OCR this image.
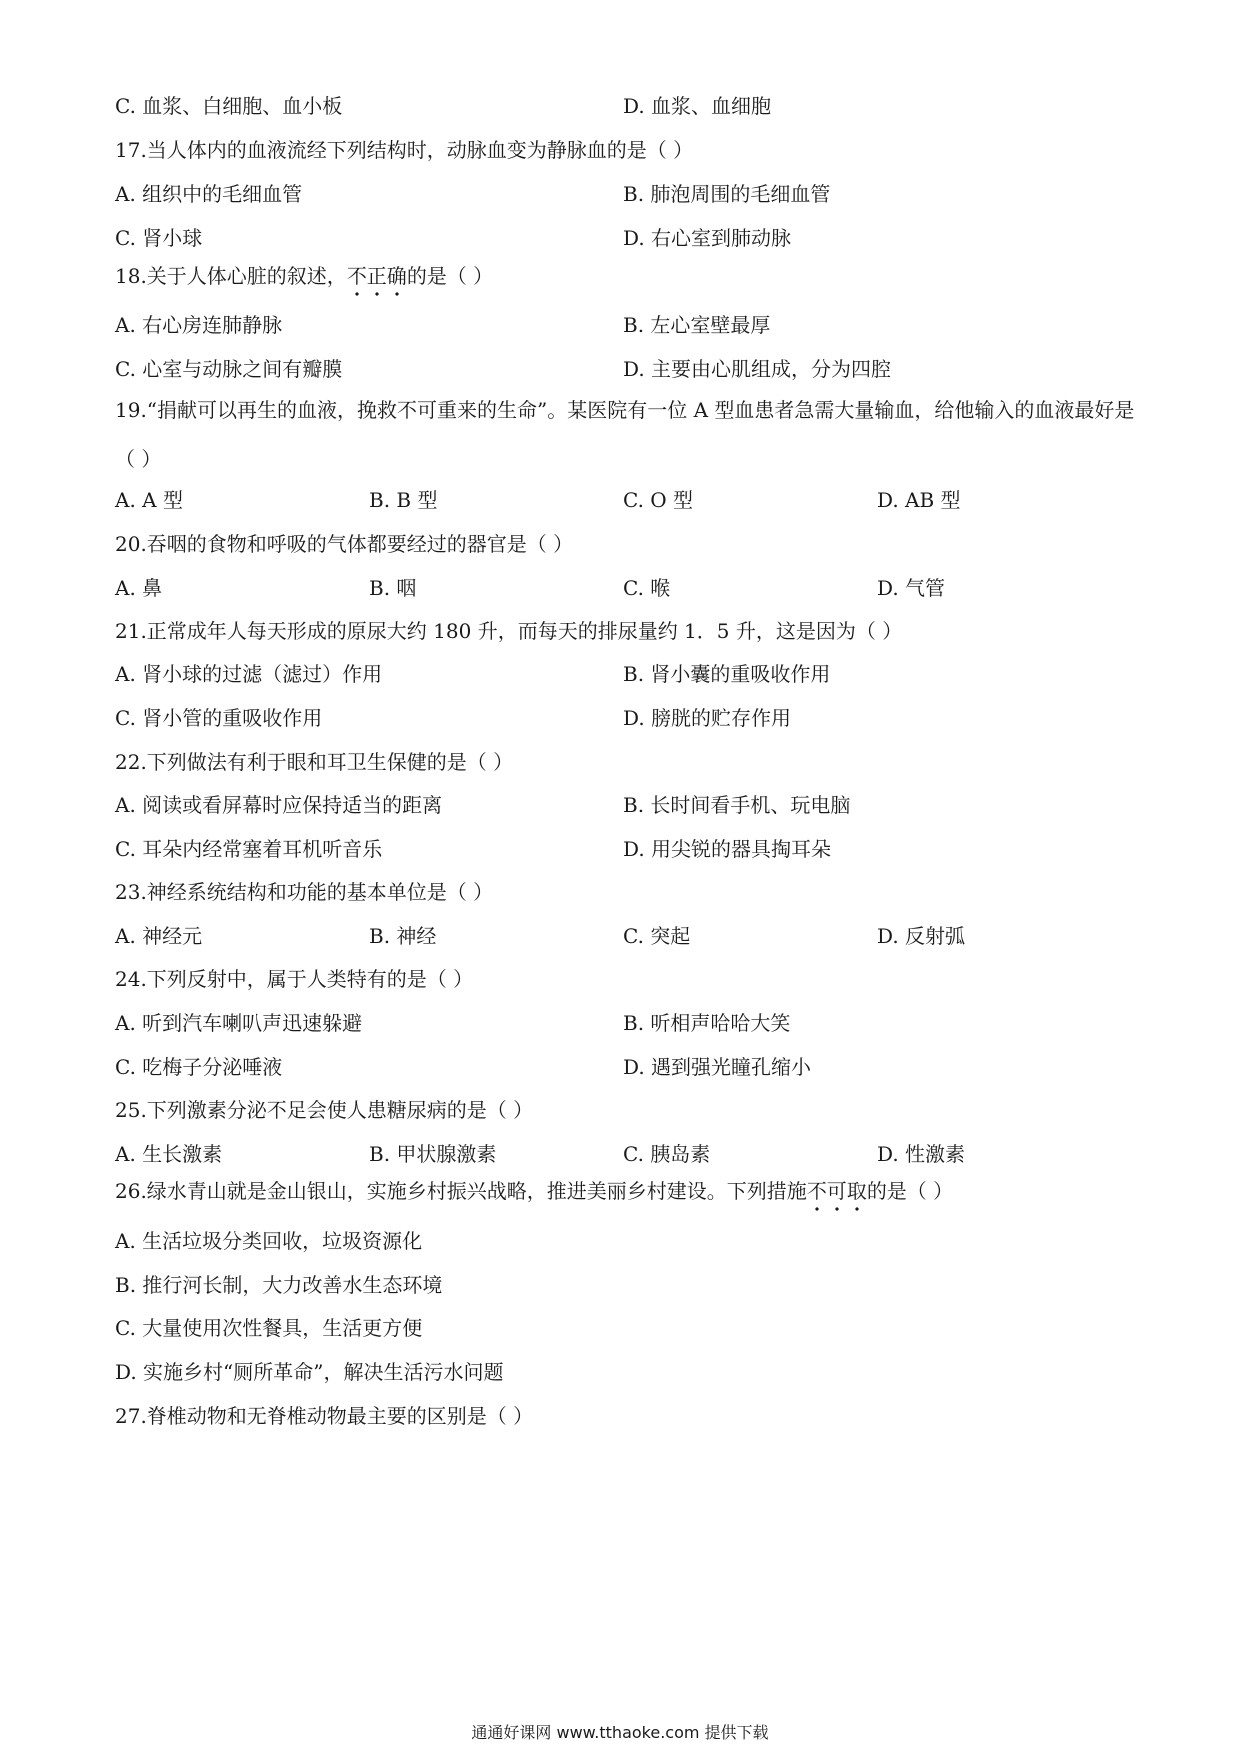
C. 血浆、白细胞、血小板	D. 血浆、血细胞
17.当人体内的血液流经下列结构时，动脉血变为静脉血的是（ ）
A. 组织中的毛细血管	B. 肺泡周围的毛细血管
C. 肾小球	D. 右心室到肺动脉
18.关于人体心脏的叙述，不正确的是（ ）
A. 右心房连肺静脉	B. 左心室壁最厚
C. 心室与动脉之间有瓣膜	D. 主要由心肌组成，分为四腔
19.“捐献可以再生的血液，挽救不可重来的生命”。某医院有一位 A 型血患者急需大量输血，给他输入的血液最好是（ ）
A. A 型	B. B 型	C. O 型	D. AB 型
20.吞咽的食物和呼吸的气体都要经过的器官是（ ）
A. 鼻	B. 咽	C. 喉	D. 气管
21.正常成年人每天形成的原尿大约 180 升，而每天的排尿量约 1．5 升，这是因为（ ）
A. 肾小球的过滤（滤过）作用	B. 肾小囊的重吸收作用
C. 肾小管的重吸收作用	D. 膀胱的贮存作用
22.下列做法有利于眼和耳卫生保健的是（ ）
A. 阅读或看屏幕时应保持适当的距离	B. 长时间看手机、玩电脑
C. 耳朵内经常塞着耳机听音乐	D. 用尖锐的器具掏耳朵
23.神经系统结构和功能的基本单位是（ ）
A. 神经元	B. 神经	C. 突起	D. 反射弧
24.下列反射中，属于人类特有的是（ ）
A. 听到汽车喇叭声迅速躲避	B. 听相声哈哈大笑
C. 吃梅子分泌唾液	D. 遇到强光瞳孔缩小
25.下列激素分泌不足会使人患糖尿病的是（ ）
A. 生长激素	B. 甲状腺激素	C. 胰岛素	D. 性激素
26.绿水青山就是金山银山，实施乡村振兴战略，推进美丽乡村建设。下列措施不可取的是（ ）
A. 生活垃圾分类回收，垃圾资源化
B. 推行河长制，大力改善水生态环境
C. 大量使用次性餐具，生活更方便
D. 实施乡村“厕所革命”，解决生活污水问题
27.脊椎动物和无脊椎动物最主要的区别是（ ）
通通好课网 www.tthaoke.com 提供下载
